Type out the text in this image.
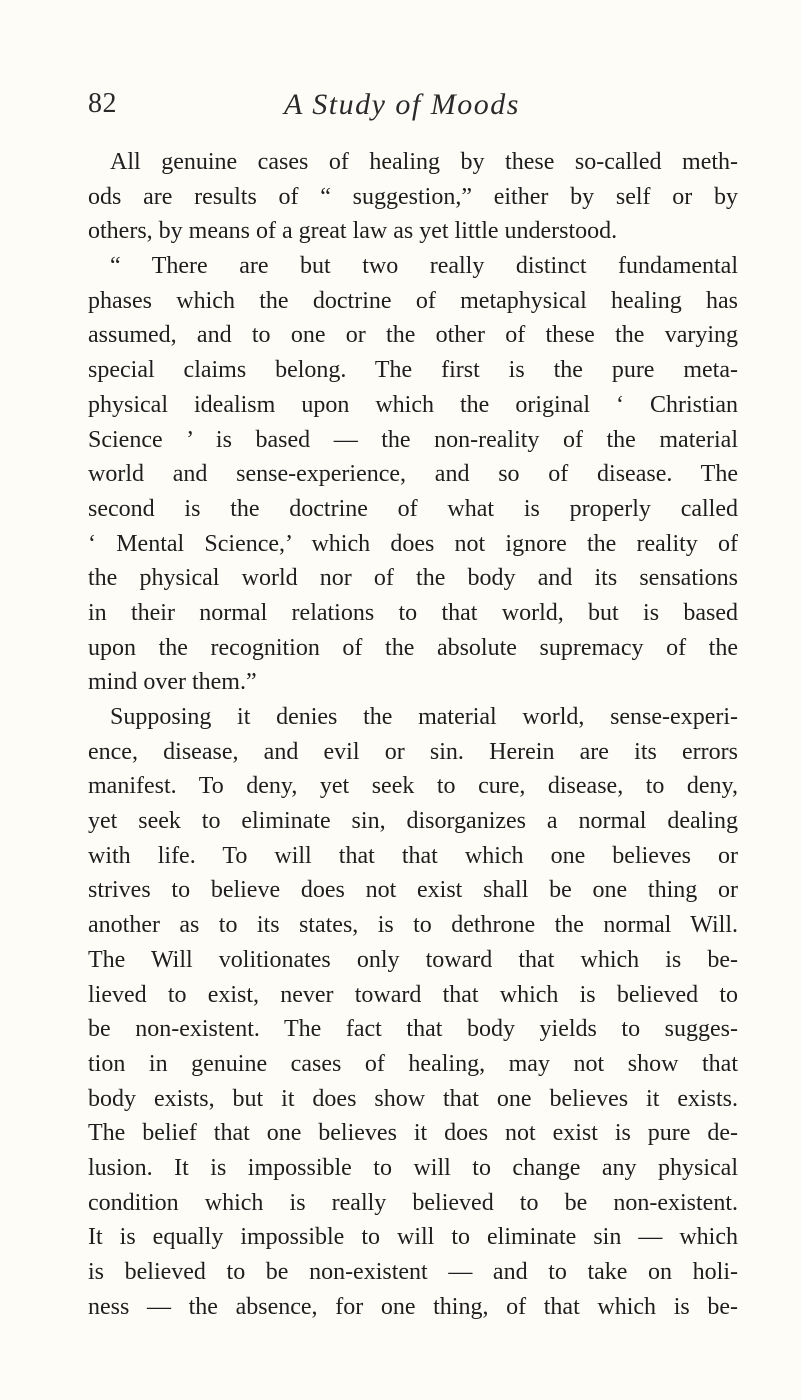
82	A Study of Moods
All genuine cases of healing by these so-called meth-
ods are results of “ suggestion,” either by self or by
others, by means of a great law as yet little understood.
“ There are but two really distinct fundamental
phases which the doctrine of metaphysical healing has
assumed, and to one or the other of these the varying
special claims belong. The first is the pure meta-
physical idealism upon which the original ‘ Christian
Science ’ is based — the non-reality of the material
world and sense-experience, and so of disease. The
second is the doctrine of what is properly called
‘ Mental Science,’ which does not ignore the reality of
the physical world nor of the body and its sensations
in their normal relations to that world, but is based
upon the recognition of the absolute supremacy of the
mind over them.”
Supposing it denies the material world, sense-experi-
ence, disease, and evil or sin. Herein are its errors
manifest. To deny, yet seek to cure, disease, to deny,
yet seek to eliminate sin, disorganizes a normal dealing
with life. To will that that which one believes or
strives to believe does not exist shall be one thing or
another as to its states, is to dethrone the normal Will.
The Will volitionates only toward that which is be-
lieved to exist, never toward that which is believed to
be non-existent. The fact that body yields to sugges-
tion in genuine cases of healing, may not show that
body exists, but it does show that one believes it exists.
The belief that one believes it does not exist is pure de-
lusion. It is impossible to will to change any physical
condition which is really believed to be non-existent.
It is equally impossible to will to eliminate sin — which
is believed to be non-existent — and to take on holi-
ness — the absence, for one thing, of that which is be-
